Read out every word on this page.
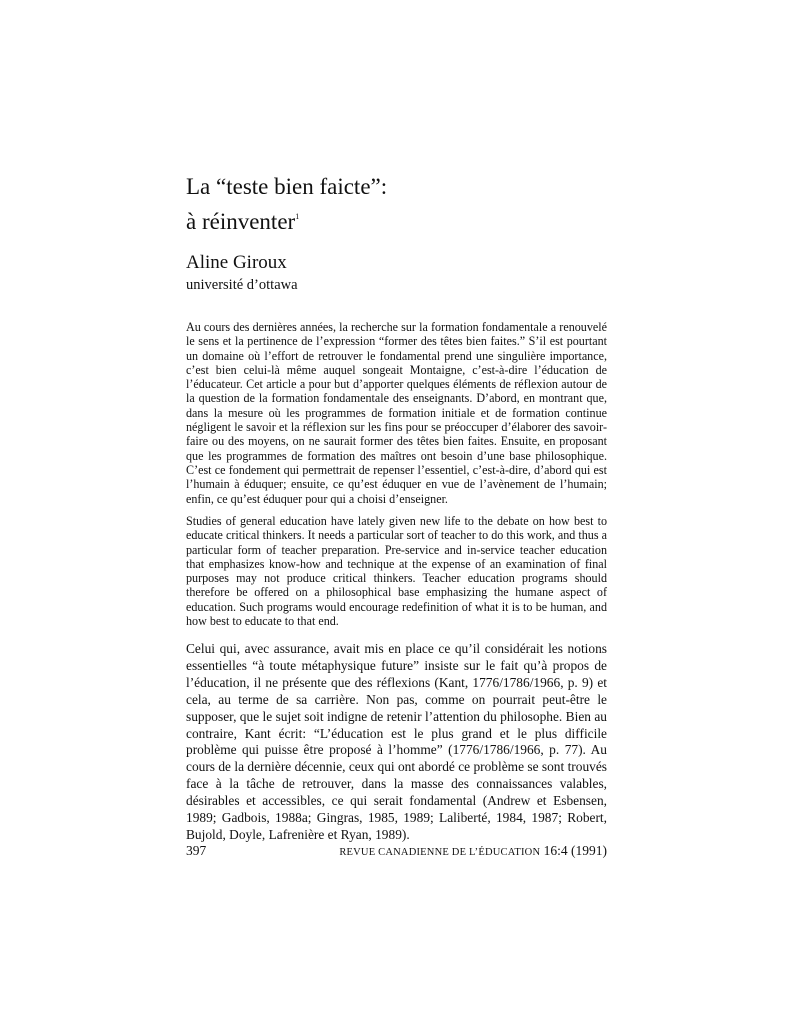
La “teste bien faicte”:
à réinventer$^1$
Aline Giroux
université d’ottawa

Au cours des dernières années, la recherche sur la formation fondamentale a renouvelé le sens et la pertinence de l’expression “former des têtes bien faites.” S’il est pourtant un domaine où l’effort de retrouver le fondamental prend une singulière importance, c’est bien celui-là même auquel songeait Montaigne, c’est-à-dire l’éducation de l’éducateur. Cet article a pour but d’apporter quelques éléments de réflexion autour de la question de la formation fondamentale des enseignants. D’abord, en montrant que, dans la mesure où les programmes de formation initiale et de formation continue négligent le savoir et la réflexion sur les fins pour se préoccuper d’élaborer des savoir-faire ou des moyens, on ne saurait former des têtes bien faites. Ensuite, en proposant que les programmes de formation des maîtres ont besoin d’une base philosophique. C’est ce fondement qui permettrait de repenser l’essentiel, c’est-à-dire, d’abord qui est l’humain à éduquer; ensuite, ce qu’est éduquer en vue de l’avènement de l’humain; enfin, ce qu’est éduquer pour qui a choisi d’enseigner.

Studies of general education have lately given new life to the debate on how best to educate critical thinkers. It needs a particular sort of teacher to do this work, and thus a particular form of teacher preparation. Pre-service and in-service teacher education that emphasizes know-how and technique at the expense of an examination of final purposes may not produce critical thinkers. Teacher education programs should therefore be offered on a philosophical base emphasizing the humane aspect of education. Such programs would encourage redefinition of what it is to be human, and how best to educate to that end.

Celui qui, avec assurance, avait mis en place ce qu’il considérait les notions essentielles “à toute métaphysique future” insiste sur le fait qu’à propos de l’éducation, il ne présente que des réflexions (Kant, 1776/1786/1966, p. 9) et cela, au terme de sa carrière. Non pas, comme on pourrait peut-être le supposer, que le sujet soit indigne de retenir l’attention du philosophe. Bien au contraire, Kant écrit: “L’éducation est le plus grand et le plus difficile problème qui puisse être proposé à l’homme” (1776/1786/1966, p. 77). Au cours de la dernière décennie, ceux qui ont abordé ce problème se sont trouvés face à la tâche de retrouver, dans la masse des connaissances valables, désirables et accessibles, ce qui serait fondamental (Andrew et Esbensen, 1989; Gadbois, 1988a; Gingras, 1985, 1989; Laliberté, 1984, 1987; Robert, Bujold, Doyle, Lafrenière et Ryan, 1989).

397	REVUE CANADIENNE DE L’ÉDUCATION 16:4 (1991)
